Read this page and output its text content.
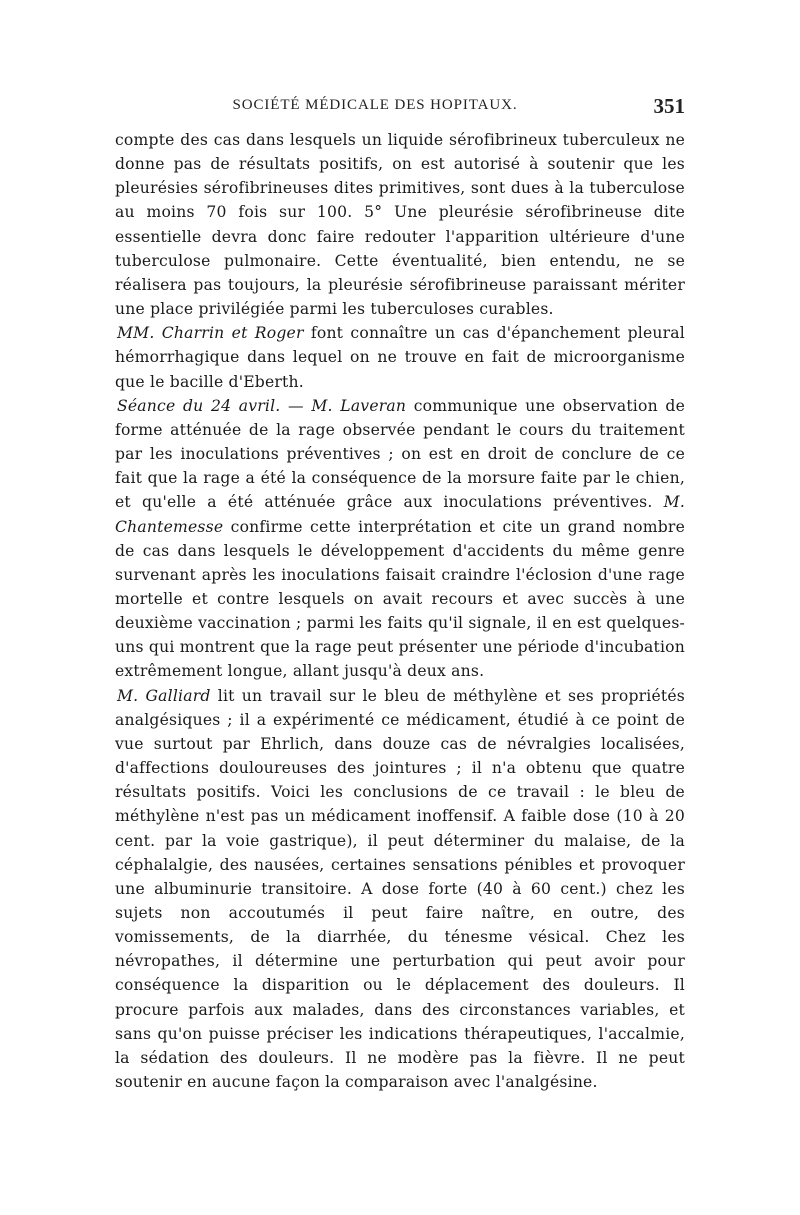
SOCIÉTÉ MÉDICALE DES HOPITAUX.	351

compte des cas dans lesquels un liquide sérofibrineux tuberculeux ne donne pas de résultats positifs, on est autorisé à soutenir que les pleurésies sérofibrineuses dites primitives, sont dues à la tuberculose au moins 70 fois sur 100. 5° Une pleurésie sérofibrineuse dite essentielle devra donc faire redouter l'apparition ultérieure d'une tuberculose pulmonaire. Cette éventualité, bien entendu, ne se réalisera pas toujours, la pleurésie sérofibrineuse paraissant mériter une place privilégiée parmi les tuberculoses curables.

MM. Charrin et Roger font connaître un cas d'épanchement pleural hémorrhagique dans lequel on ne trouve en fait de microorganisme que le bacille d'Eberth.

Séance du 24 avril. — M. Laveran communique une observation de forme atténuée de la rage observée pendant le cours du traitement par les inoculations préventives ; on est en droit de conclure de ce fait que la rage a été la conséquence de la morsure faite par le chien, et qu'elle a été atténuée grâce aux inoculations préventives. M. Chantemesse confirme cette interprétation et cite un grand nombre de cas dans lesquels le développement d'accidents du même genre survenant après les inoculations faisait craindre l'éclosion d'une rage mortelle et contre lesquels on avait recours et avec succès à une deuxième vaccination ; parmi les faits qu'il signale, il en est quelques-uns qui montrent que la rage peut présenter une période d'incubation extrêmement longue, allant jusqu'à deux ans.

M. Galliard lit un travail sur le bleu de méthylène et ses propriétés analgésiques ; il a expérimenté ce médicament, étudié à ce point de vue surtout par Ehrlich, dans douze cas de névralgies localisées, d'affections douloureuses des jointures ; il n'a obtenu que quatre résultats positifs. Voici les conclusions de ce travail : le bleu de méthylène n'est pas un médicament inoffensif. A faible dose (10 à 20 cent. par la voie gastrique), il peut déterminer du malaise, de la céphalalgie, des nausées, certaines sensations pénibles et provoquer une albuminurie transitoire. A dose forte (40 à 60 cent.) chez les sujets non accoutumés il peut faire naître, en outre, des vomissements, de la diarrhée, du ténesme vésical. Chez les névropathes, il détermine une perturbation qui peut avoir pour conséquence la disparition ou le déplacement des douleurs. Il procure parfois aux malades, dans des circonstances variables, et sans qu'on puisse préciser les indications thérapeutiques, l'accalmie, la sédation des douleurs. Il ne modère pas la fièvre. Il ne peut soutenir en aucune façon la comparaison avec l'analgésine.
